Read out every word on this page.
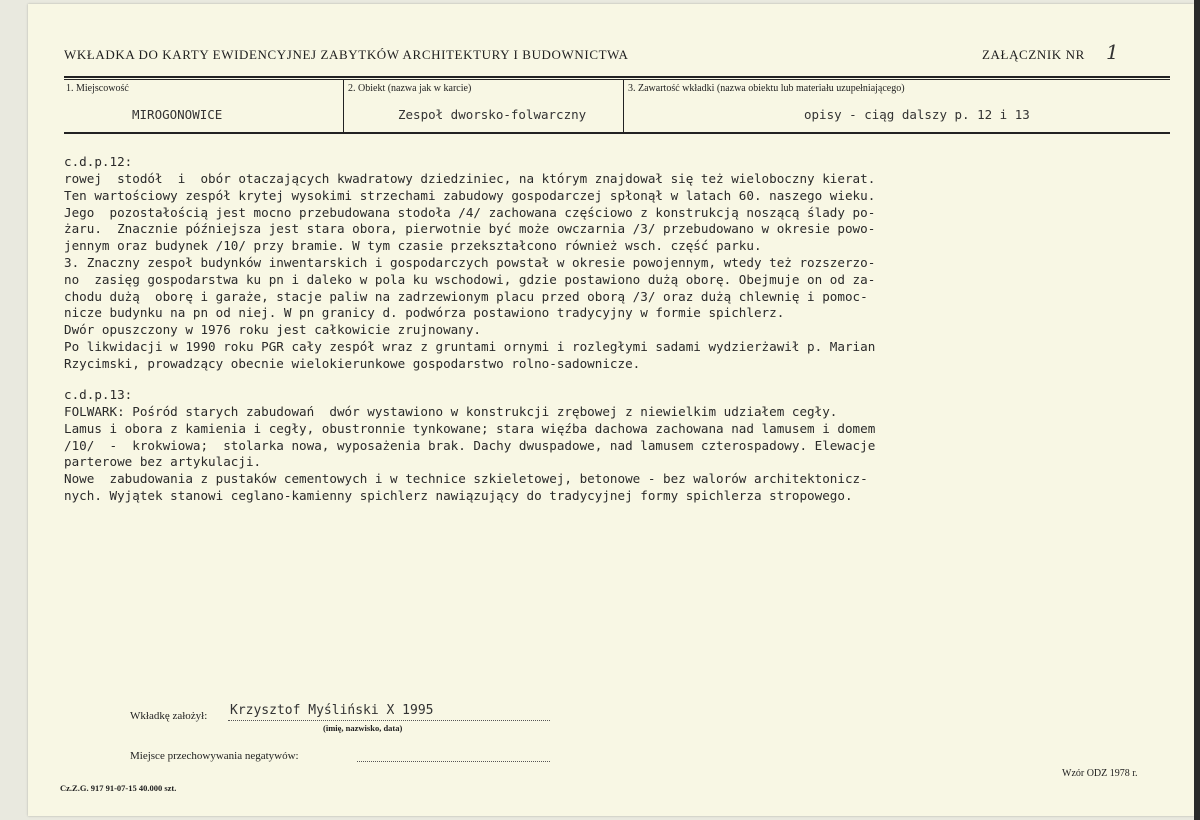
WKŁADKA DO KARTY EWIDENCYJNEJ ZABYTKÓW ARCHITEKTURY I BUDOWNICTWA	ZAŁĄCZNIK NR 1
1. Miejscowość
MIROGONOWICE
2. Obiekt (nazwa jak w karcie)
Zespoł dworsko-folwarczny
3. Zawartość wkładki (nazwa obiektu lub materiału uzupełniającego)
opisy - ciąg dalszy p. 12 i 13
c.d.p.12:
rowej  stodół  i  obór otaczających kwadratowy dziedziniec, na którym znajdował się też wieloboczny kierat.
Ten wartościowy zespół krytej wysokimi strzechami zabudowy gospodarczej spłonął w latach 60. naszego wieku.
Jego  pozostałością jest mocno przebudowana stodoła /4/ zachowana częściowo z konstrukcją noszącą ślady po-
żaru.  Znacznie późniejsza jest stara obora, pierwotnie być może owczarnia /3/ przebudowano w okresie powo-
jennym oraz budynek /10/ przy bramie. W tym czasie przekształcono również wsch. część parku.
3. Znaczny zespoł budynków inwentarskich i gospodarczych powstał w okresie powojennym, wtedy też rozszerzo-
no  zasięg gospodarstwa ku pn i daleko w pola ku wschodowi, gdzie postawiono dużą oborę. Obejmuje on od za-
chodu dużą  oborę i garaże, stacje paliw na zadrzewionym placu przed oborą /3/ oraz dużą chlewnię i pomoc-
nicze budynku na pn od niej. W pn granicy d. podwórza postawiono tradycyjny w formie spichlerz.
Dwór opuszczony w 1976 roku jest całkowicie zrujnowany.
Po likwidacji w 1990 roku PGR cały zespół wraz z gruntami ornymi i rozległymi sadami wydzierżawił p. Marian
Rzycimski, prowadzący obecnie wielokierunkowe gospodarstwo rolno-sadownicze.
c.d.p.13:
FOLWARK: Pośród starych zabudowań  dwór wystawiono w konstrukcji zrębowej z niewielkim udziałem cegły.
Lamus i obora z kamienia i cegły, obustronnie tynkowane; stara więźba dachowa zachowana nad lamusem i domem
/10/  -  krokwiowa;  stolarka nowa, wyposażenia brak. Dachy dwuspadowe, nad lamusem czterospadowy. Elewacje
parterowe bez artykulacji.
Nowe  zabudowania z pustaków cementowych i w technice szkieletowej, betonowe - bez walorów architektonicz-
nych. Wyjątek stanowi ceglano-kamienny spichlerz nawiązujący do tradycyjnej formy spichlerza stropowego.
Wkładkę założył: Krzysztof Myśliński X 1995
(imię, nazwisko, data)
Miejsce przechowywania negatywów:
Cz.Z.G. 917 91-07-15 40.000 szt.
Wzór ODZ 1978 r.
